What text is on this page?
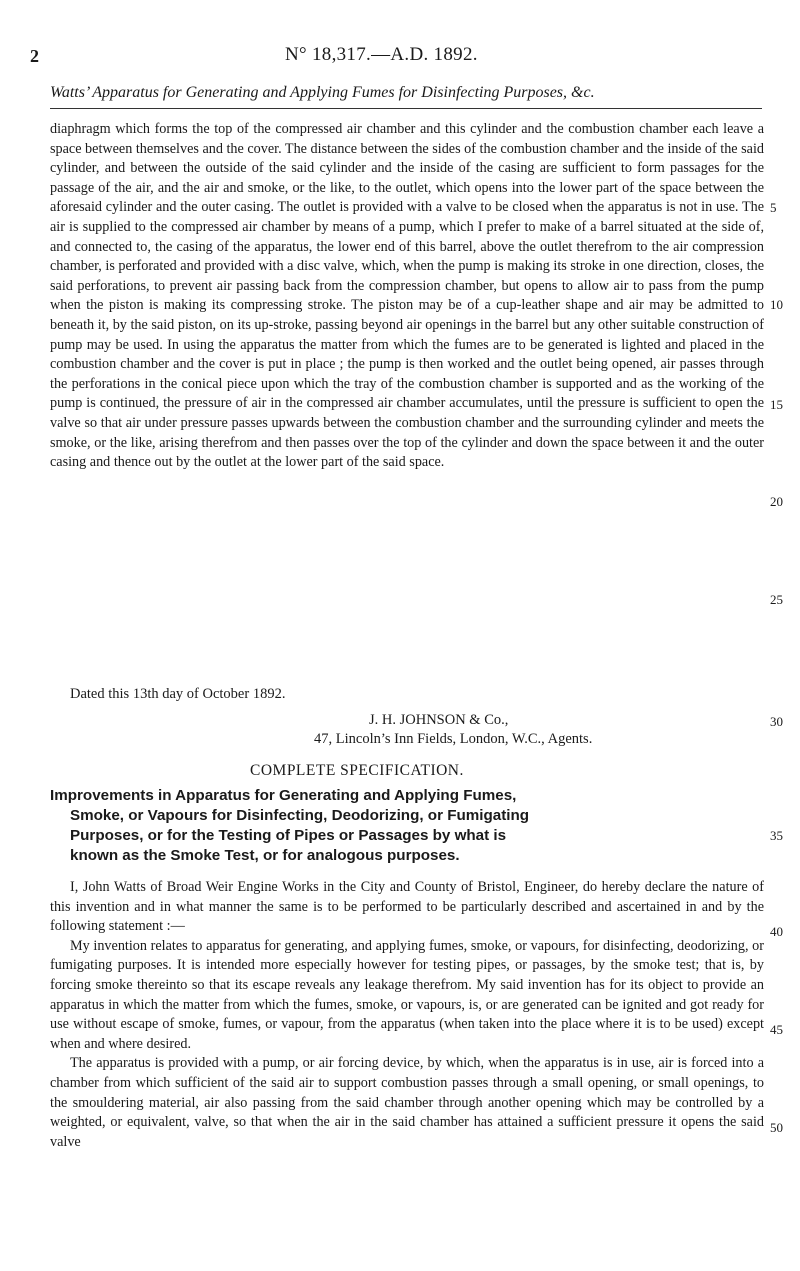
2	N° 18,317.—A.D. 1892.
Watts’ Apparatus for Generating and Applying Fumes for Disinfecting Purposes, &c.

diaphragm which forms the top of the compressed air chamber and this cylinder and the combustion chamber each leave a space between themselves and the cover. The distance between the sides of the combustion chamber and the inside of the said cylinder, and between the outside of the said cylinder and the inside of the casing are sufficient to form passages for the passage of the air, and the air and smoke, or the like, to the outlet, which opens into the lower part of the space between the aforesaid cylinder and the outer casing. The outlet is provided with a valve to be closed when the apparatus is not in use. The air is supplied to the compressed air chamber by means of a pump, which I prefer to make of a barrel situated at the side of, and connected to, the casing of the apparatus, the lower end of this barrel, above the outlet therefrom to the air compression chamber, is perforated and provided with a disc valve, which, when the pump is making its stroke in one direction, closes, the said perforations, to prevent air passing back from the compression chamber, but opens to allow air to pass from the pump when the piston is making its compressing stroke. The piston may be of a cup-leather shape and air may be admitted to beneath it, by the said piston, on its up-stroke, passing beyond air openings in the barrel but any other suitable construction of pump may be used. In using the apparatus the matter from which the fumes are to be generated is lighted and placed in the combustion chamber and the cover is put in place ; the pump is then worked and the outlet being opened, air passes through the perforations in the conical piece upon which the tray of the combustion chamber is supported and as the working of the pump is continued, the pressure of air in the compressed air chamber accumulates, until the pressure is sufficient to open the valve so that air under pressure passes upwards between the combustion chamber and the surrounding cylinder and meets the smoke, or the like, arising therefrom and then passes over the top of the cylinder and down the space between it and the outer casing and thence out by the outlet at the lower part of the said space.

Dated this 13th day of October 1892.
J. H. JOHNSON & Co.,
47, Lincoln’s Inn Fields, London, W.C., Agents.
COMPLETE SPECIFICATION.
Improvements in Apparatus for Generating and Applying Fumes,
Smoke, or Vapours for Disinfecting, Deodorizing, or Fumigating
Purposes, or for the Testing of Pipes or Passages by what is
known as the Smoke Test, or for analogous purposes.

I, John Watts of Broad Weir Engine Works in the City and County of Bristol, Engineer, do hereby declare the nature of this invention and in what manner the same is to be performed to be particularly described and ascertained in and by the following statement :—

My invention relates to apparatus for generating, and applying fumes, smoke, or vapours, for disinfecting, deodorizing, or fumigating purposes. It is intended more especially however for testing pipes, or passages, by the smoke test; that is, by forcing smoke thereinto so that its escape reveals any leakage therefrom. My said invention has for its object to provide an apparatus in which the matter from which the fumes, smoke, or vapours, is, or are generated can be ignited and got ready for use without escape of smoke, fumes, or vapour, from the apparatus (when taken into the place where it is to be used) except when and where desired.

The apparatus is provided with a pump, or air forcing device, by which, when the apparatus is in use, air is forced into a chamber from which sufficient of the said air to support combustion passes through a small opening, or small openings, to the smouldering material, air also passing from the said chamber through another opening which may be controlled by a weighted, or equivalent, valve, so that when the air in the said chamber has attained a sufficient pressure it opens the said valve

5
10
15
20
25
30
35
40
45
50
